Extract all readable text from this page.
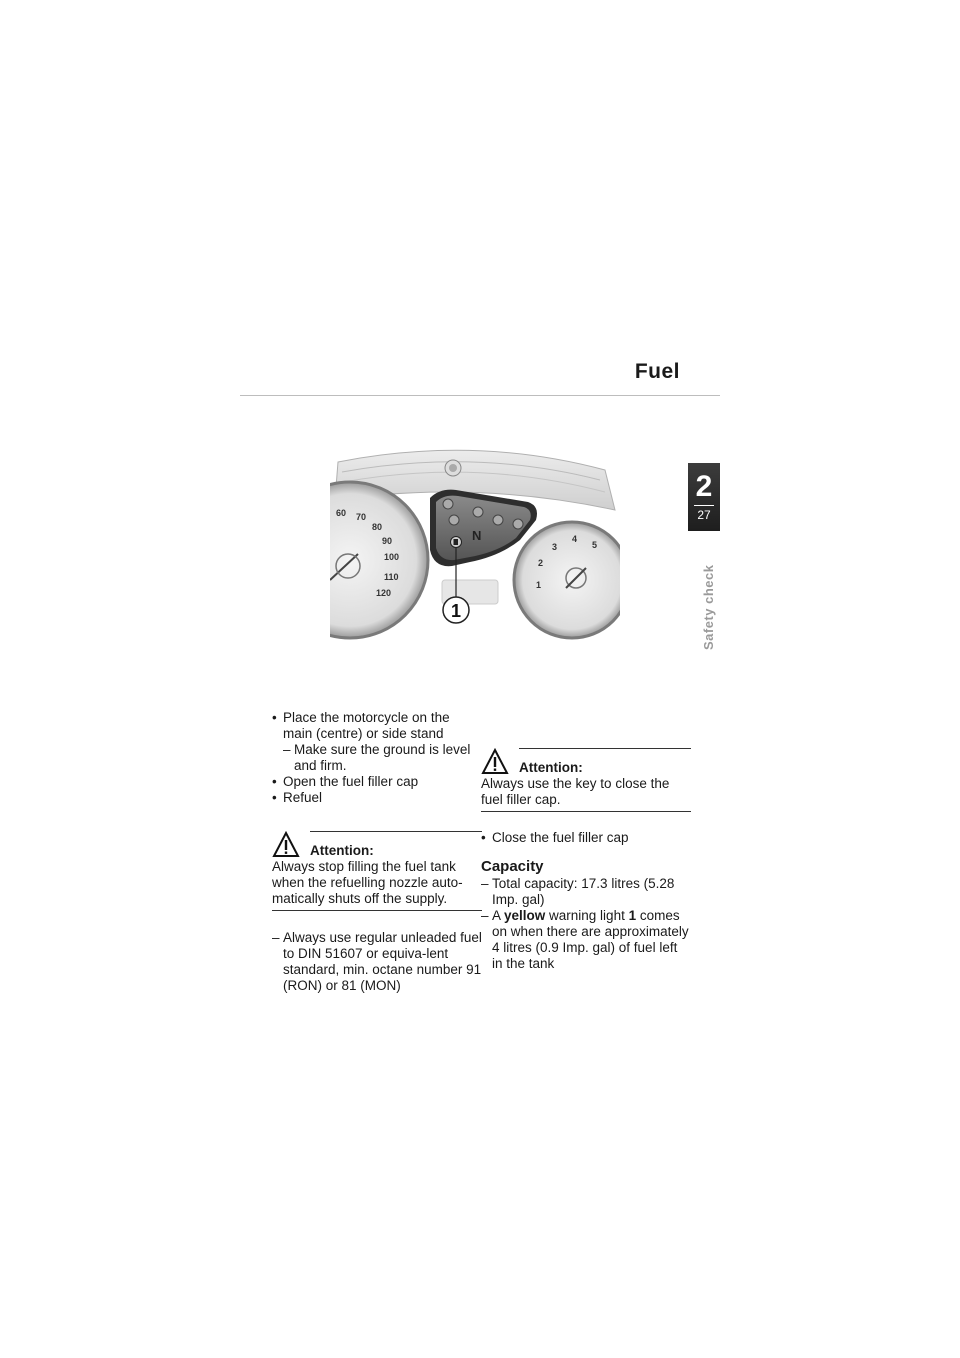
Fuel
2
27
Safety check
60 70
80
90
100
110
120
1
2
3
4
5
N
1
• Place the motorcycle on the main (centre) or side stand
– Make sure the ground is level and firm.
• Open the fuel filler cap
• Refuel
Attention:
Always stop filling the fuel tank when the refuelling nozzle auto-matically shuts off the supply.
– Always use regular unleaded fuel to DIN 51607 or equiva-lent standard, min. octane number 91 (RON) or 81 (MON)
Attention:
Always use the key to close the fuel filler cap.
• Close the fuel filler cap
Capacity
– Total capacity: 17.3 litres (5.28 Imp. gal)
– A yellow warning light 1 comes on when there are approximately 4 litres (0.9 Imp. gal) of fuel left in the tank
